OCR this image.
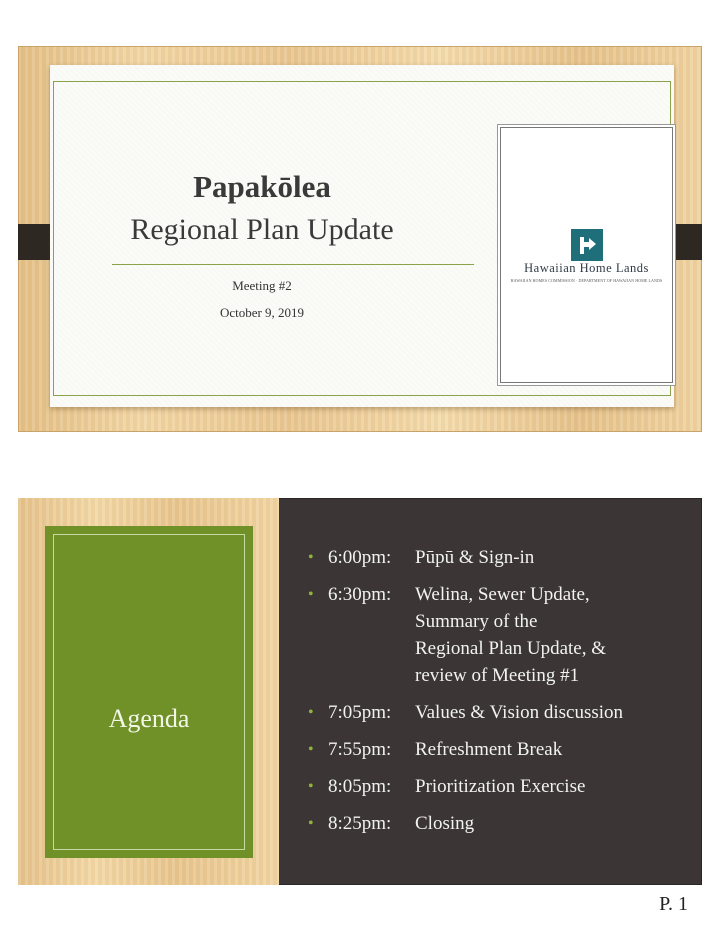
Papakōlea
Regional Plan Update
Meeting #2
October 9, 2019
Hawaiian Home Lands
HAWAIIAN HOMES COMMISSION · DEPARTMENT OF HAWAIIAN HOME LANDS
Agenda
• 6:00pm: Pūpū & Sign-in
• 6:30pm: Welina, Sewer Update,
Summary of the
Regional Plan Update, &
review of Meeting #1
• 7:05pm: Values & Vision discussion
• 7:55pm: Refreshment Break
• 8:05pm: Prioritization Exercise
• 8:25pm: Closing
P. 1
